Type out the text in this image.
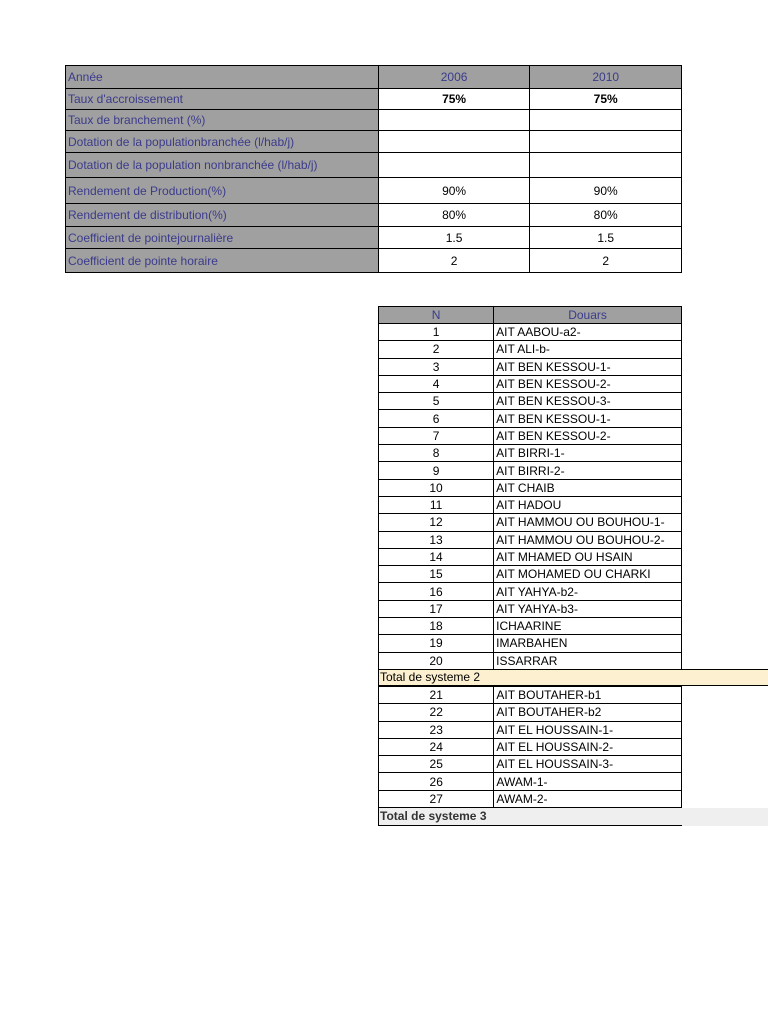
Année	2006	2010
Taux d'accroissement	75%	75%
Taux de branchement (%)		
Dotation de la populationbranchée (l/hab/j)		
Dotation de la population nonbranchée (l/hab/j)		
Rendement de Production(%)	90%	90%
Rendement de distribution(%)	80%	80%
Coefficient de pointejournalière	1.5	1.5
Coefficient de pointe horaire	2	2
N	Douars
1	AIT AABOU-a2-
2	AIT ALI-b-
3	AIT BEN KESSOU-1-
4	AIT BEN KESSOU-2-
5	AIT BEN KESSOU-3-
6	AIT BEN KESSOU-1-
7	AIT BEN KESSOU-2-
8	AIT BIRRI-1-
9	AIT BIRRI-2-
10	AIT CHAIB
11	AIT HADOU
12	AIT HAMMOU OU BOUHOU-1-
13	AIT HAMMOU OU BOUHOU-2-
14	AIT MHAMED OU HSAIN
15	AIT MOHAMED OU CHARKI
16	AIT YAHYA-b2-
17	AIT YAHYA-b3-
18	ICHAARINE
19	IMARBAHEN
20	ISSARRAR
Total de systeme 2
21	AIT BOUTAHER-b1
22	AIT BOUTAHER-b2
23	AIT EL HOUSSAIN-1-
24	AIT EL HOUSSAIN-2-
25	AIT EL HOUSSAIN-3-
26	AWAM-1-
27	AWAM-2-
Total de systeme 3
